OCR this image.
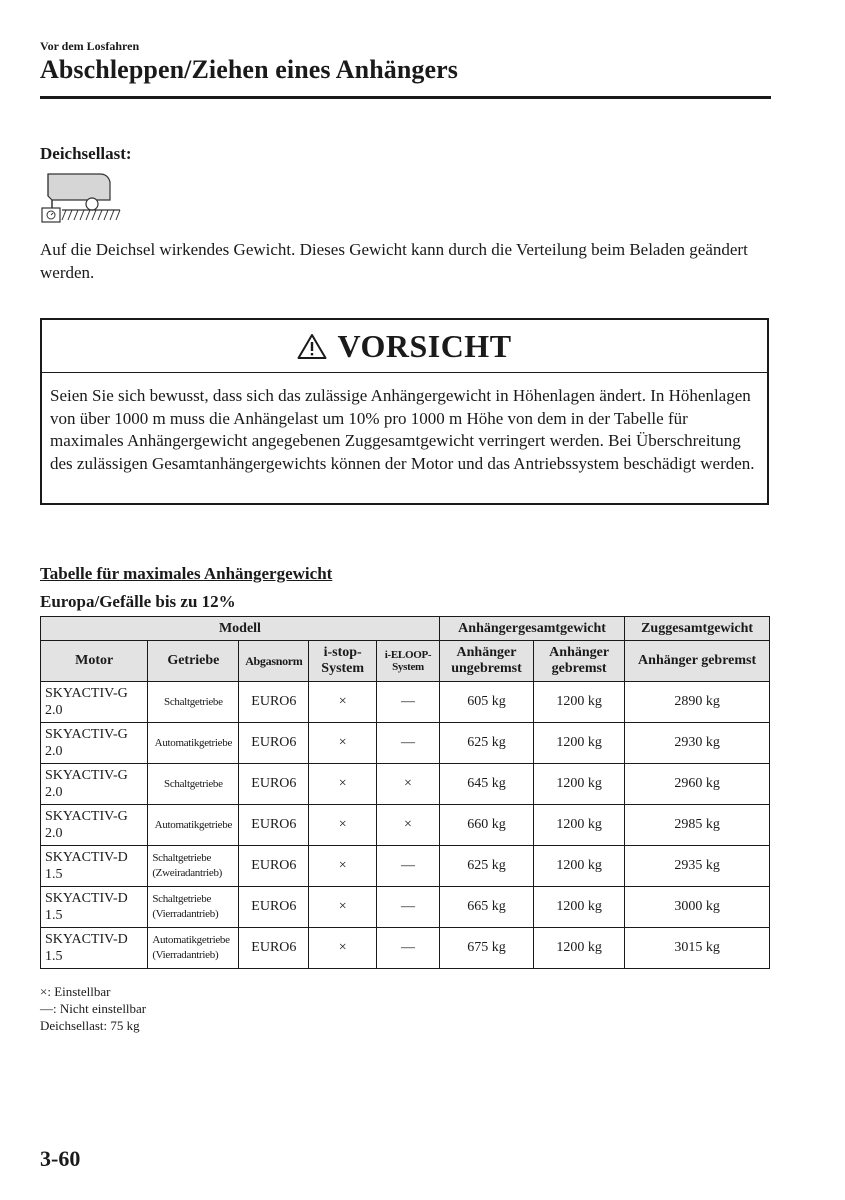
Vor dem Losfahren
Abschleppen/Ziehen eines Anhängers
Deichsellast:
Auf die Deichsel wirkendes Gewicht. Dieses Gewicht kann durch die Verteilung beim Beladen geändert werden.
VORSICHT
Seien Sie sich bewusst, dass sich das zulässige Anhängergewicht in Höhenlagen ändert. In Höhenlagen von über 1000 m muss die Anhängelast um 10% pro 1000 m Höhe von dem in der Tabelle für maximales Anhängergewicht angegebenen Zuggesamtgewicht verringert werden. Bei Überschreitung des zulässigen Gesamtanhängergewichts können der Motor und das Antriebssystem beschädigt werden.
Tabelle für maximales Anhängergewicht
Europa/Gefälle bis zu 12%
Modell					Anhängergesamtgewicht		Zuggesamtgewicht
Motor	Getriebe	Abgasnorm	i-stop-System	i-ELOOP-System	Anhänger ungebremst	Anhänger gebremst	Anhänger gebremst
SKYACTIV-G 2.0	Schaltgetriebe	EURO6	×	—	605 kg	1200 kg	2890 kg
SKYACTIV-G 2.0	Automatikgetriebe	EURO6	×	—	625 kg	1200 kg	2930 kg
SKYACTIV-G 2.0	Schaltgetriebe	EURO6	×	×	645 kg	1200 kg	2960 kg
SKYACTIV-G 2.0	Automatikgetriebe	EURO6	×	×	660 kg	1200 kg	2985 kg
SKYACTIV-D 1.5	Schaltgetriebe (Zweiradantrieb)	EURO6	×	—	625 kg	1200 kg	2935 kg
SKYACTIV-D 1.5	Schaltgetriebe (Vierradantrieb)	EURO6	×	—	665 kg	1200 kg	3000 kg
SKYACTIV-D 1.5	Automatikgetriebe (Vierradantrieb)	EURO6	×	—	675 kg	1200 kg	3015 kg
×: Einstellbar
—: Nicht einstellbar
Deichsellast: 75 kg
3-60
